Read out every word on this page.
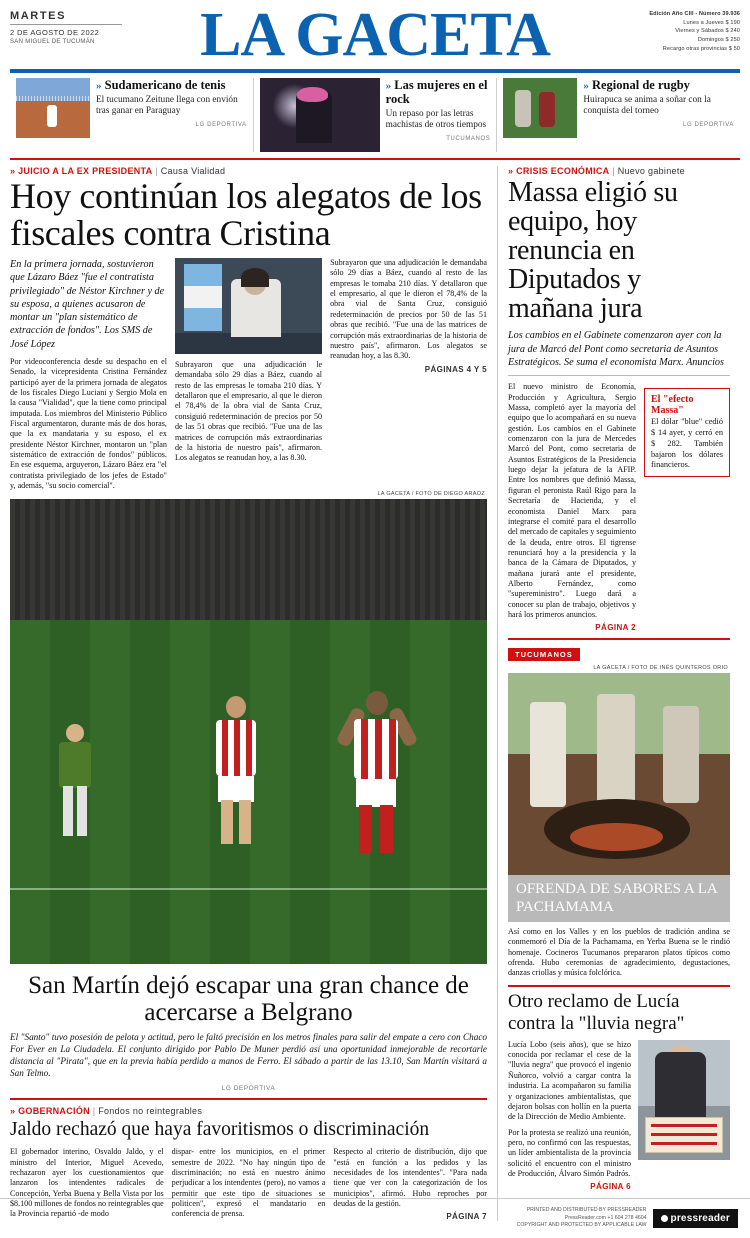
MARTES
2 DE AGOSTO DE 2022
SAN MIGUEL DE TUCUMÁN	LA GACETA	Edición Año CIII - Número 39.936
Lunes a Jueves $ 190
Viernes y Sábados $ 240
Domingos $ 250
Recargo otras provincias $ 50
» Sudamericano de tenis
El tucumano Zeitune llega con envión tras ganar en Paraguay
LG DEPORTIVA
» Las mujeres en el rock
Un repaso por las letras machistas de otros tiempos
TUCUMANOS
» Regional de rugby
Huirapuca se anima a soñar con la conquista del torneo
LG DEPORTIVA
» JUICIO A LA EX PRESIDENTA | Causa Vialidad
Hoy continúan los alegatos de los fiscales contra Cristina
En la primera jornada, sostuvieron que Lázaro Báez "fue el contratista privilegiado" de Néstor Kirchner y de su esposa, a quienes acusaron de montar un "plan sistemático de extracción de fondos". Los SMS de José López
Por videoconferencia desde su despacho en el Senado, la vicepresidenta Cristina Fernández participó ayer de la primera jornada de alegatos de los fiscales Diego Luciani y Sergio Mola en la causa "Vialidad", que la tiene como principal imputada. Los miembros del Ministerio Público Fiscal argumentaron, durante más de dos horas, que la ex mandataria y su esposo, el ex presidente Néstor Kirchner, montaron un "plan sistemático de extracción de fondos" públicos. En ese esquema, arguyeron, Lázaro Báez era "el contratista privilegiado de los jefes de Estado" y, además, "su socio comercial".
Subrayaron que una adjudicación le demandaba sólo 29 días a Báez, cuando al resto de las empresas le tomaba 210 días. Y detallaron que el empresario, al que le dieron el 78,4% de la obra vial de Santa Cruz, consiguió redeterminación de precios por 50 de las 51 obras que recibió. "Fue una de las matrices de corrupción más extraordinarias de la historia de nuestro país", afirmaron. Los alegatos se reanudan hoy, a las 8.30.
Subrayaron que una adjudicación le demandaba sólo 29 días a Báez, cuando al resto de las empresas le tomaba 210 días. Y detallaron que el empresario, al que le dieron el 78,4% de la obra vial de Santa Cruz, consiguió redeterminación de precios por 50 de las 51 obras que recibió. "Fue una de las matrices de corrupción más extraordinarias de la historia de nuestro país", afirmaron. Los alegatos se reanudan hoy, a las 8.30.
PÁGINAS 4 Y 5
LA GACETA / FOTO DE DIEGO ARAOZ
San Martín dejó escapar una gran chance de acercarse a Belgrano
El "Santo" tuvo posesión de pelota y actitud, pero le faltó precisión en los metros finales para salir del empate a cero con Chaco For Ever en La Ciudadela. El conjunto dirigido por Pablo De Muner perdió así una oportunidad inmejorable de recortarle distancia al "Pirata", que en la previa había perdido a manos de Ferro. El sábado a partir de las 13.10, San Martín visitará a San Telmo.
LG DEPORTIVA
» GOBERNACIÓN | Fondos no reintegrables
Jaldo rechazó que haya favoritismos o discriminación
El gobernador interino, Osvaldo Jaldo, y el ministro del Interior, Miguel Acevedo, rechazaron ayer los cuestionamientos que lanzaron los intendentes radicales de Concepción, Yerba Buena y Bella Vista por los $8.100 millones de fondos no reintegrables que la Provincia repartió -de modo
dispar- entre los municipios, en el primer semestre de 2022. "No hay ningún tipo de discriminación; no está en nuestro ánimo perjudicar a los intendentes (pero), no vamos a permitir que este tipo de situaciones se politicen", expresó el mandatario en conferencia de prensa.
Respecto al criterio de distribución, dijo que "está en función a los pedidos y las necesidades de los intendentes". "Para nada tiene que ver con la categorización de los municipios", afirmó. Hubo reproches por deudas de la gestión.
PÁGINA 7
» CRISIS ECONÓMICA | Nuevo gabinete
Massa eligió su equipo, hoy renuncia en Diputados y mañana jura
Los cambios en el Gabinete comenzaron ayer con la jura de Marcó del Pont como secretaria de Asuntos Estratégicos. Se suma el economista Marx. Anuncios
El nuevo ministro de Economía, Producción y Agricultura, Sergio Massa, completó ayer la mayoría del equipo que lo acompañará en su nueva gestión. Los cambios en el Gabinete comenzaron con la jura de Mercedes Marcó del Pont, como secretaria de Asuntos Estratégicos de la Presidencia luego dejar la jefatura de la AFIP. Entre los nombres que definió Massa, figuran el peronista Raúl Rigo para la Secretaría de Hacienda, y el economista Daniel Marx para integrarse el comité para el desarrollo del mercado de capitales y seguimiento de la deuda, entre otros. El tigrense renunciará hoy a la presidencia y la banca de la Cámara de Diputados, y mañana jurará ante el presidente, Alberto Fernández, como "supereministro". Luego dará a conocer su plan de trabajo, objetivos y hará los primeros anuncios.
PÁGINA 2
El "efecto Massa"
El dólar "blue" cedió $ 14 ayer, y cerró en $ 282. También bajaron los dólares financieros.
TUCUMANOS
LA GACETA / FOTO DE INÉS QUINTEROS ORIO
OFRENDA DE SABORES A LA PACHAMAMA
Así como en los Valles y en los pueblos de tradición andina se conmemoró el Día de la Pachamama, en Yerba Buena se le rindió homenaje. Cocineros Tucumanos prepararon platos típicos como ofrenda. Hubo ceremonias de agradecimiento, degustaciones, danzas criollas y música folclórica.
Otro reclamo de Lucía contra la "lluvia negra"
Lucía Lobo (seis años), que se hizo conocida por reclamar el cese de la "lluvia negra" que provocó el ingenio Ñuñorco, volvió a cargar contra la industria. La acompañaron su familia y organizaciones ambientalistas, que dejaron bolsas con hollín en la puerta de la Dirección de Medio Ambiente.
Por la protesta se realizó una reunión, pero, no confirmó con las respuestas, un líder ambientalista de la provincia solicitó el encuentro con el ministro de Producción, Álvaro Simón Padrós.
PÁGINA 6
PRINTED AND DISTRIBUTED BY PRESSREADER
PressReader.com +1 604 278 4604
COPYRIGHT AND PROTECTED BY APPLICABLE LAW
pressreader
